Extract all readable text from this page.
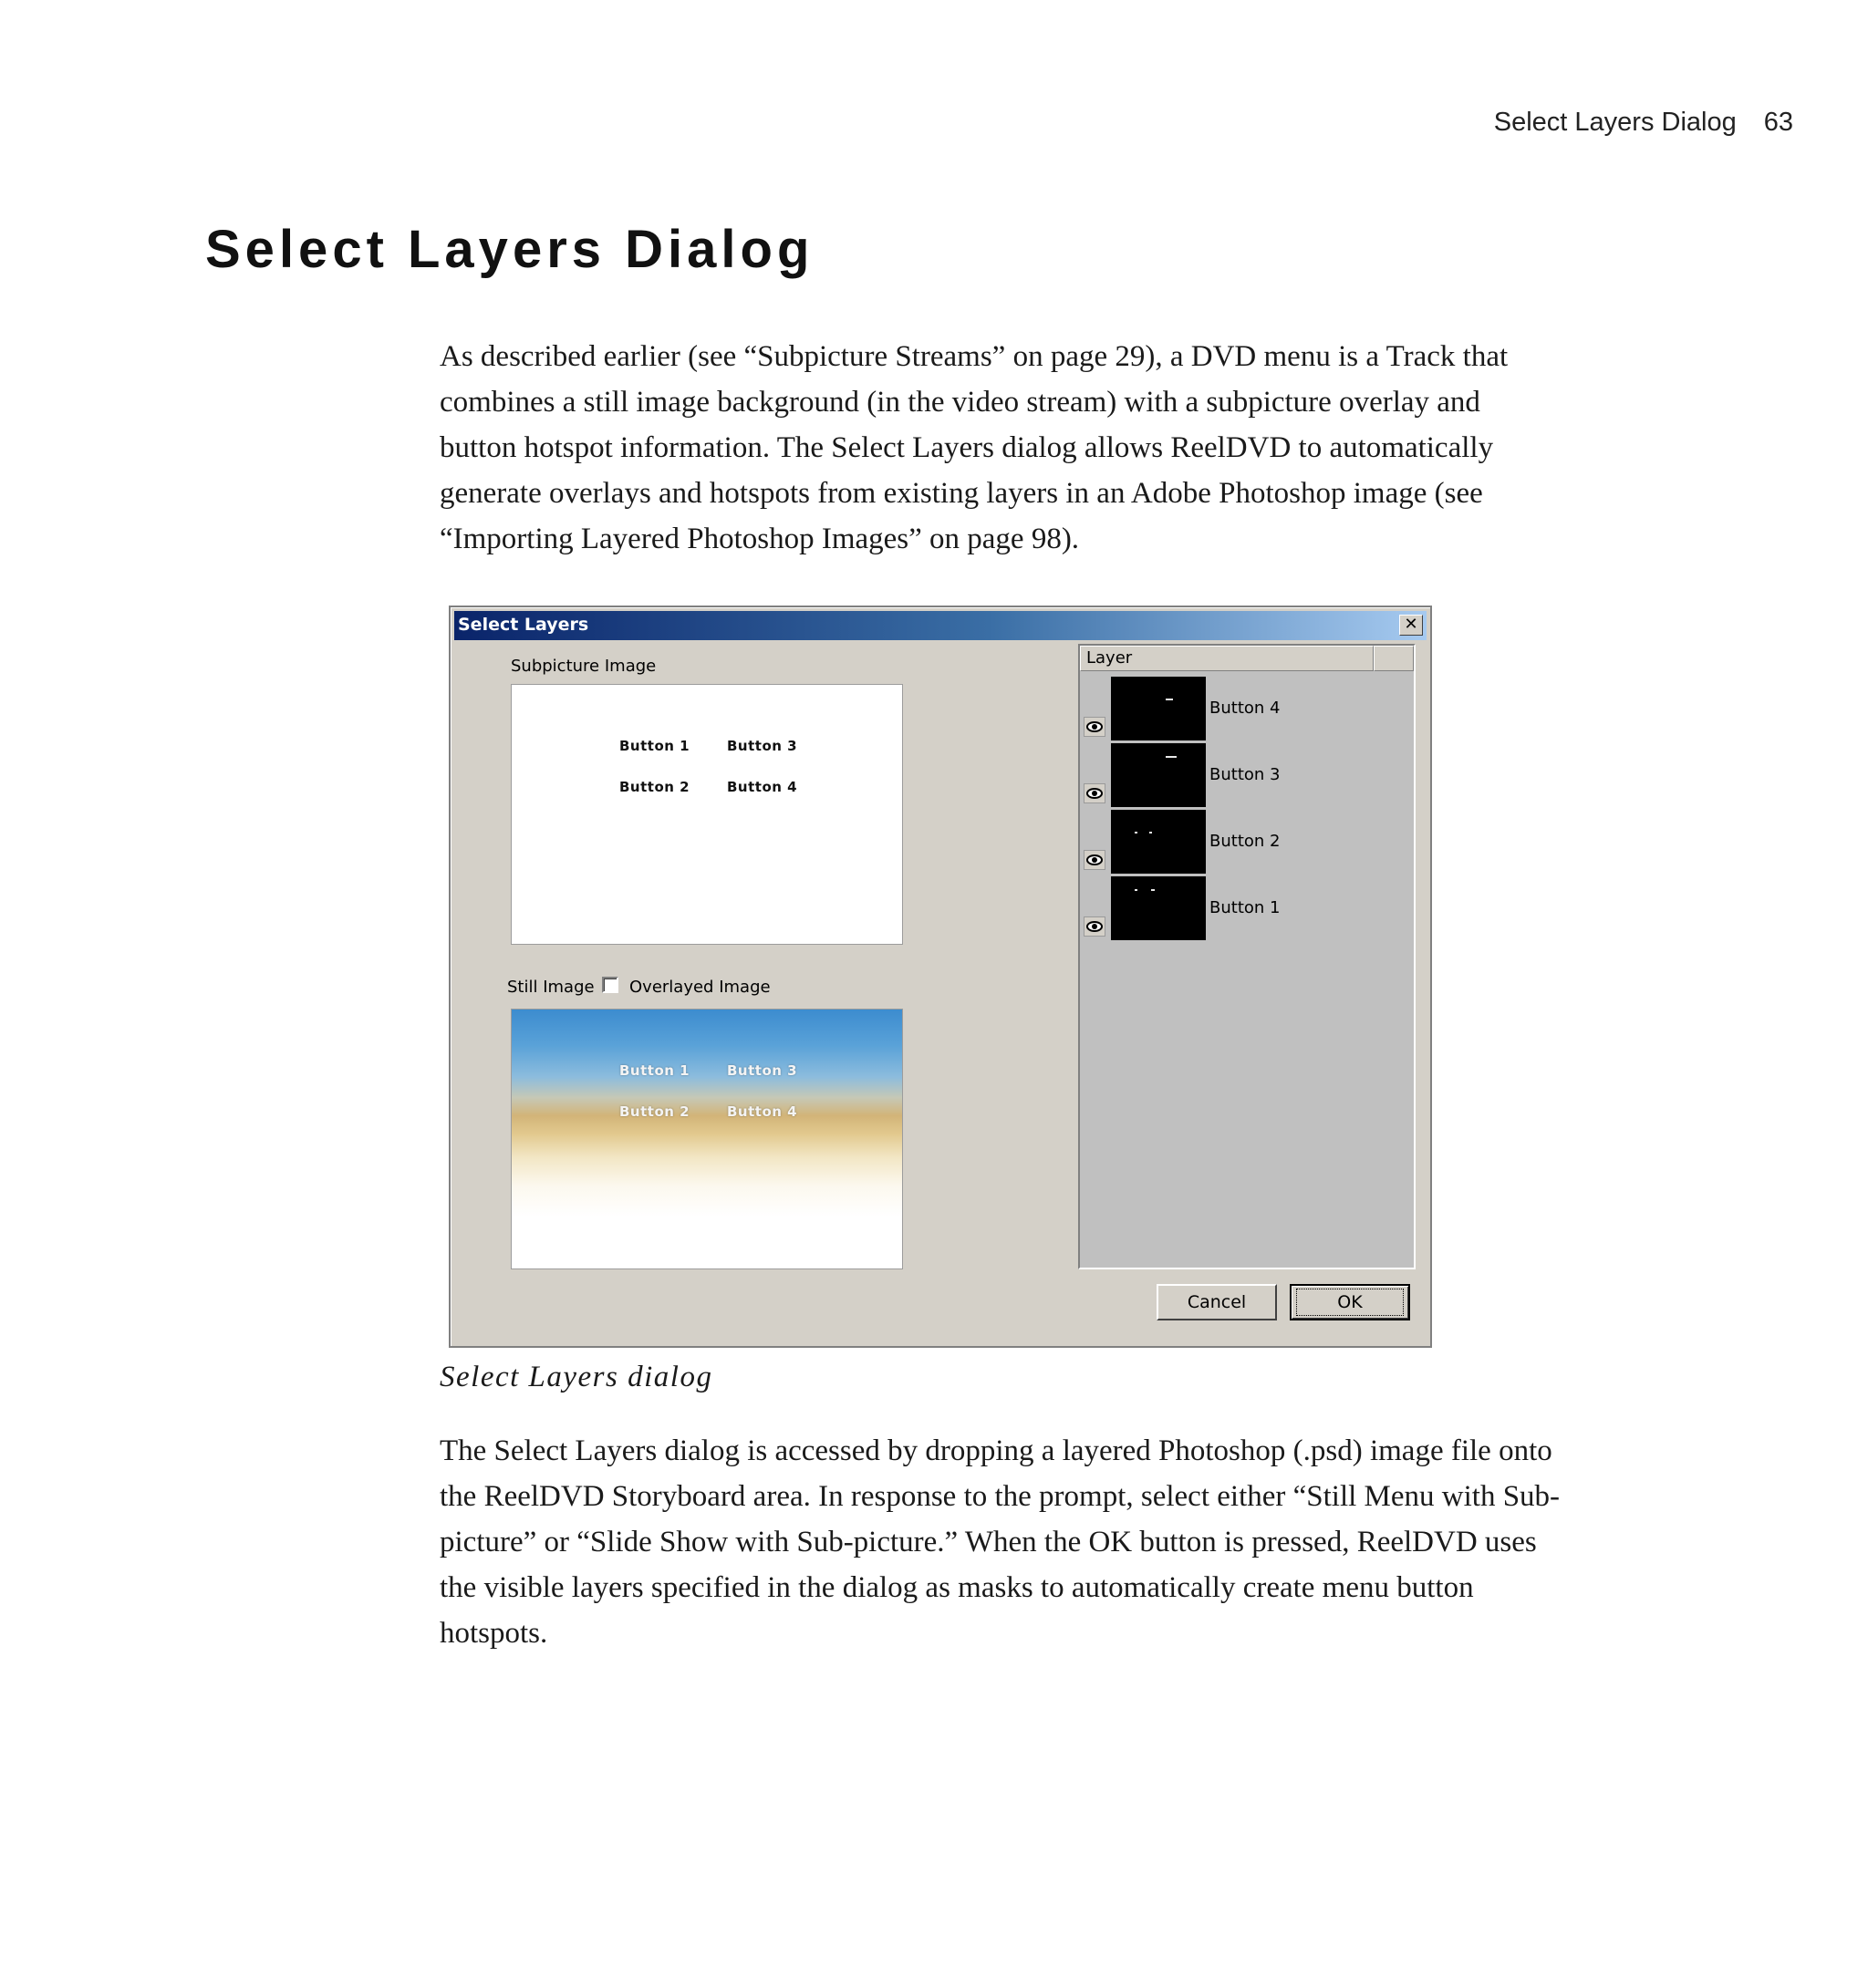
Select Layers Dialog 63
Select Layers Dialog

As described earlier (see “Subpicture Streams” on page 29), a DVD menu is a Track that
combines a still image background (in the video stream) with a subpicture overlay and
button hotspot information. The Select Layers dialog allows ReelDVD to automatically
generate overlays and hotspots from existing layers in an Adobe Photoshop image (see
“Importing Layered Photoshop Images” on page 98).

Select Layers	✕
Subpicture Image
Button 1	Button 3
Button 2	Button 4
Still Image Overlayed Image
Button 1	Button 3
Button 2	Button 4
Layer
Button 4
Button 3
Button 2
Button 1
Cancel	OK

Select Layers dialog

The Select Layers dialog is accessed by dropping a layered Photoshop (.psd) image file onto
the ReelDVD Storyboard area. In response to the prompt, select either “Still Menu with Sub-
picture” or “Slide Show with Sub-picture.” When the OK button is pressed, ReelDVD uses
the visible layers specified in the dialog as masks to automatically create menu button
hotspots.
